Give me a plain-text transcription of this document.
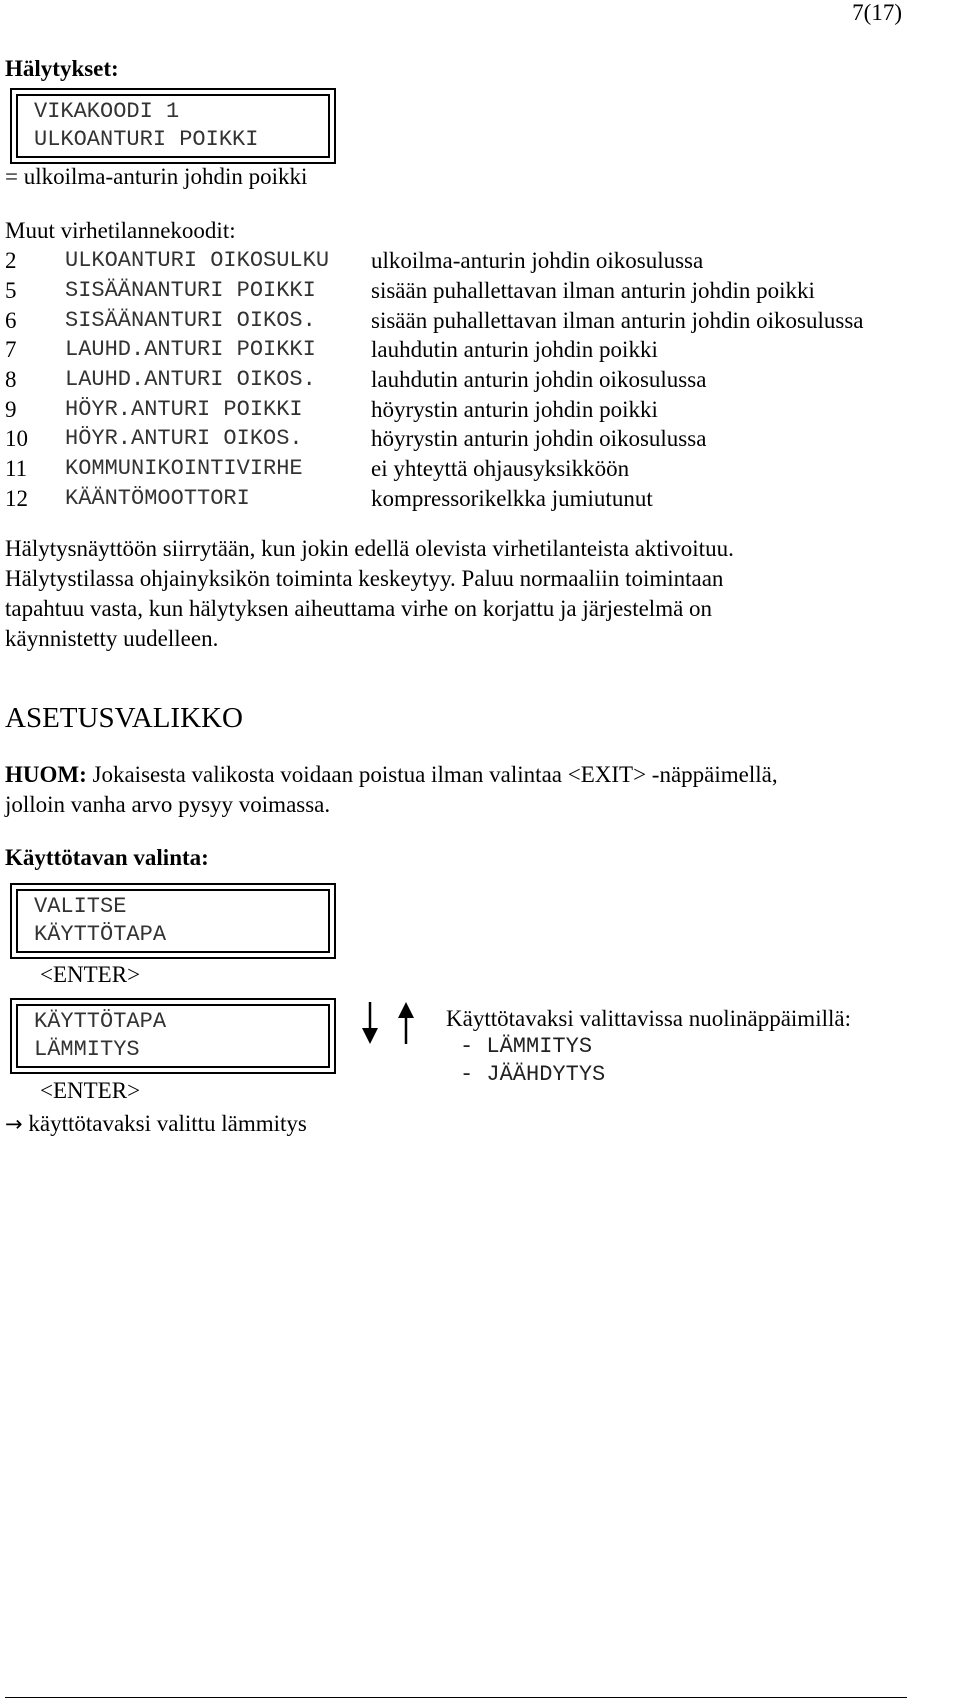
7(17)
Hälytykset:
VIKAKOODI 1
ULKOANTURI POIKKI
= ulkoilma-anturin johdin poikki
Muut virhetilannekoodit:
2 ULKOANTURI OIKOSULKU ulkoilma-anturin johdin oikosulussa
5 SISÄÄNANTURI POIKKI sisään puhallettavan ilman anturin johdin poikki
6 SISÄÄNANTURI OIKOS. sisään puhallettavan ilman anturin johdin oikosulussa
7 LAUHD.ANTURI POIKKI lauhdutin anturin johdin poikki
8 LAUHD.ANTURI OIKOS. lauhdutin anturin johdin oikosulussa
9 HÖYR.ANTURI POIKKI	höyrystin anturin johdin poikki
10 HÖYR.ANTURI OIKOS.	höyrystin anturin johdin oikosulussa
11 KOMMUNIKOINTIVIRHE	ei yhteyttä ohjausyksikköön
12 KÄÄNTÖMOOTTORI	kompressorikelkka jumiutunut
Hälytysnäyttöön siirrytään, kun jokin edellä olevista virhetilanteista aktivoituu.
Hälytystilassa ohjainyksikön toiminta keskeytyy. Paluu normaaliin toimintaan
tapahtuu vasta, kun hälytyksen aiheuttama virhe on korjattu ja järjestelmä on
käynnistetty uudelleen.
ASETUSVALIKKO
HUOM: Jokaisesta valikosta voidaan poistua ilman valintaa <EXIT> -näppäimellä,
jolloin vanha arvo pysyy voimassa.
Käyttötavan valinta:
VALITSE
KÄYTTÖTAPA
<ENTER>
KÄYTTÖTAPA
LÄMMITYS
<ENTER>
→ käyttötavaksi valittu lämmitys
Käyttötavaksi valittavissa nuolinäppäimillä:
- LÄMMITYS
- JÄÄHDYTYS
